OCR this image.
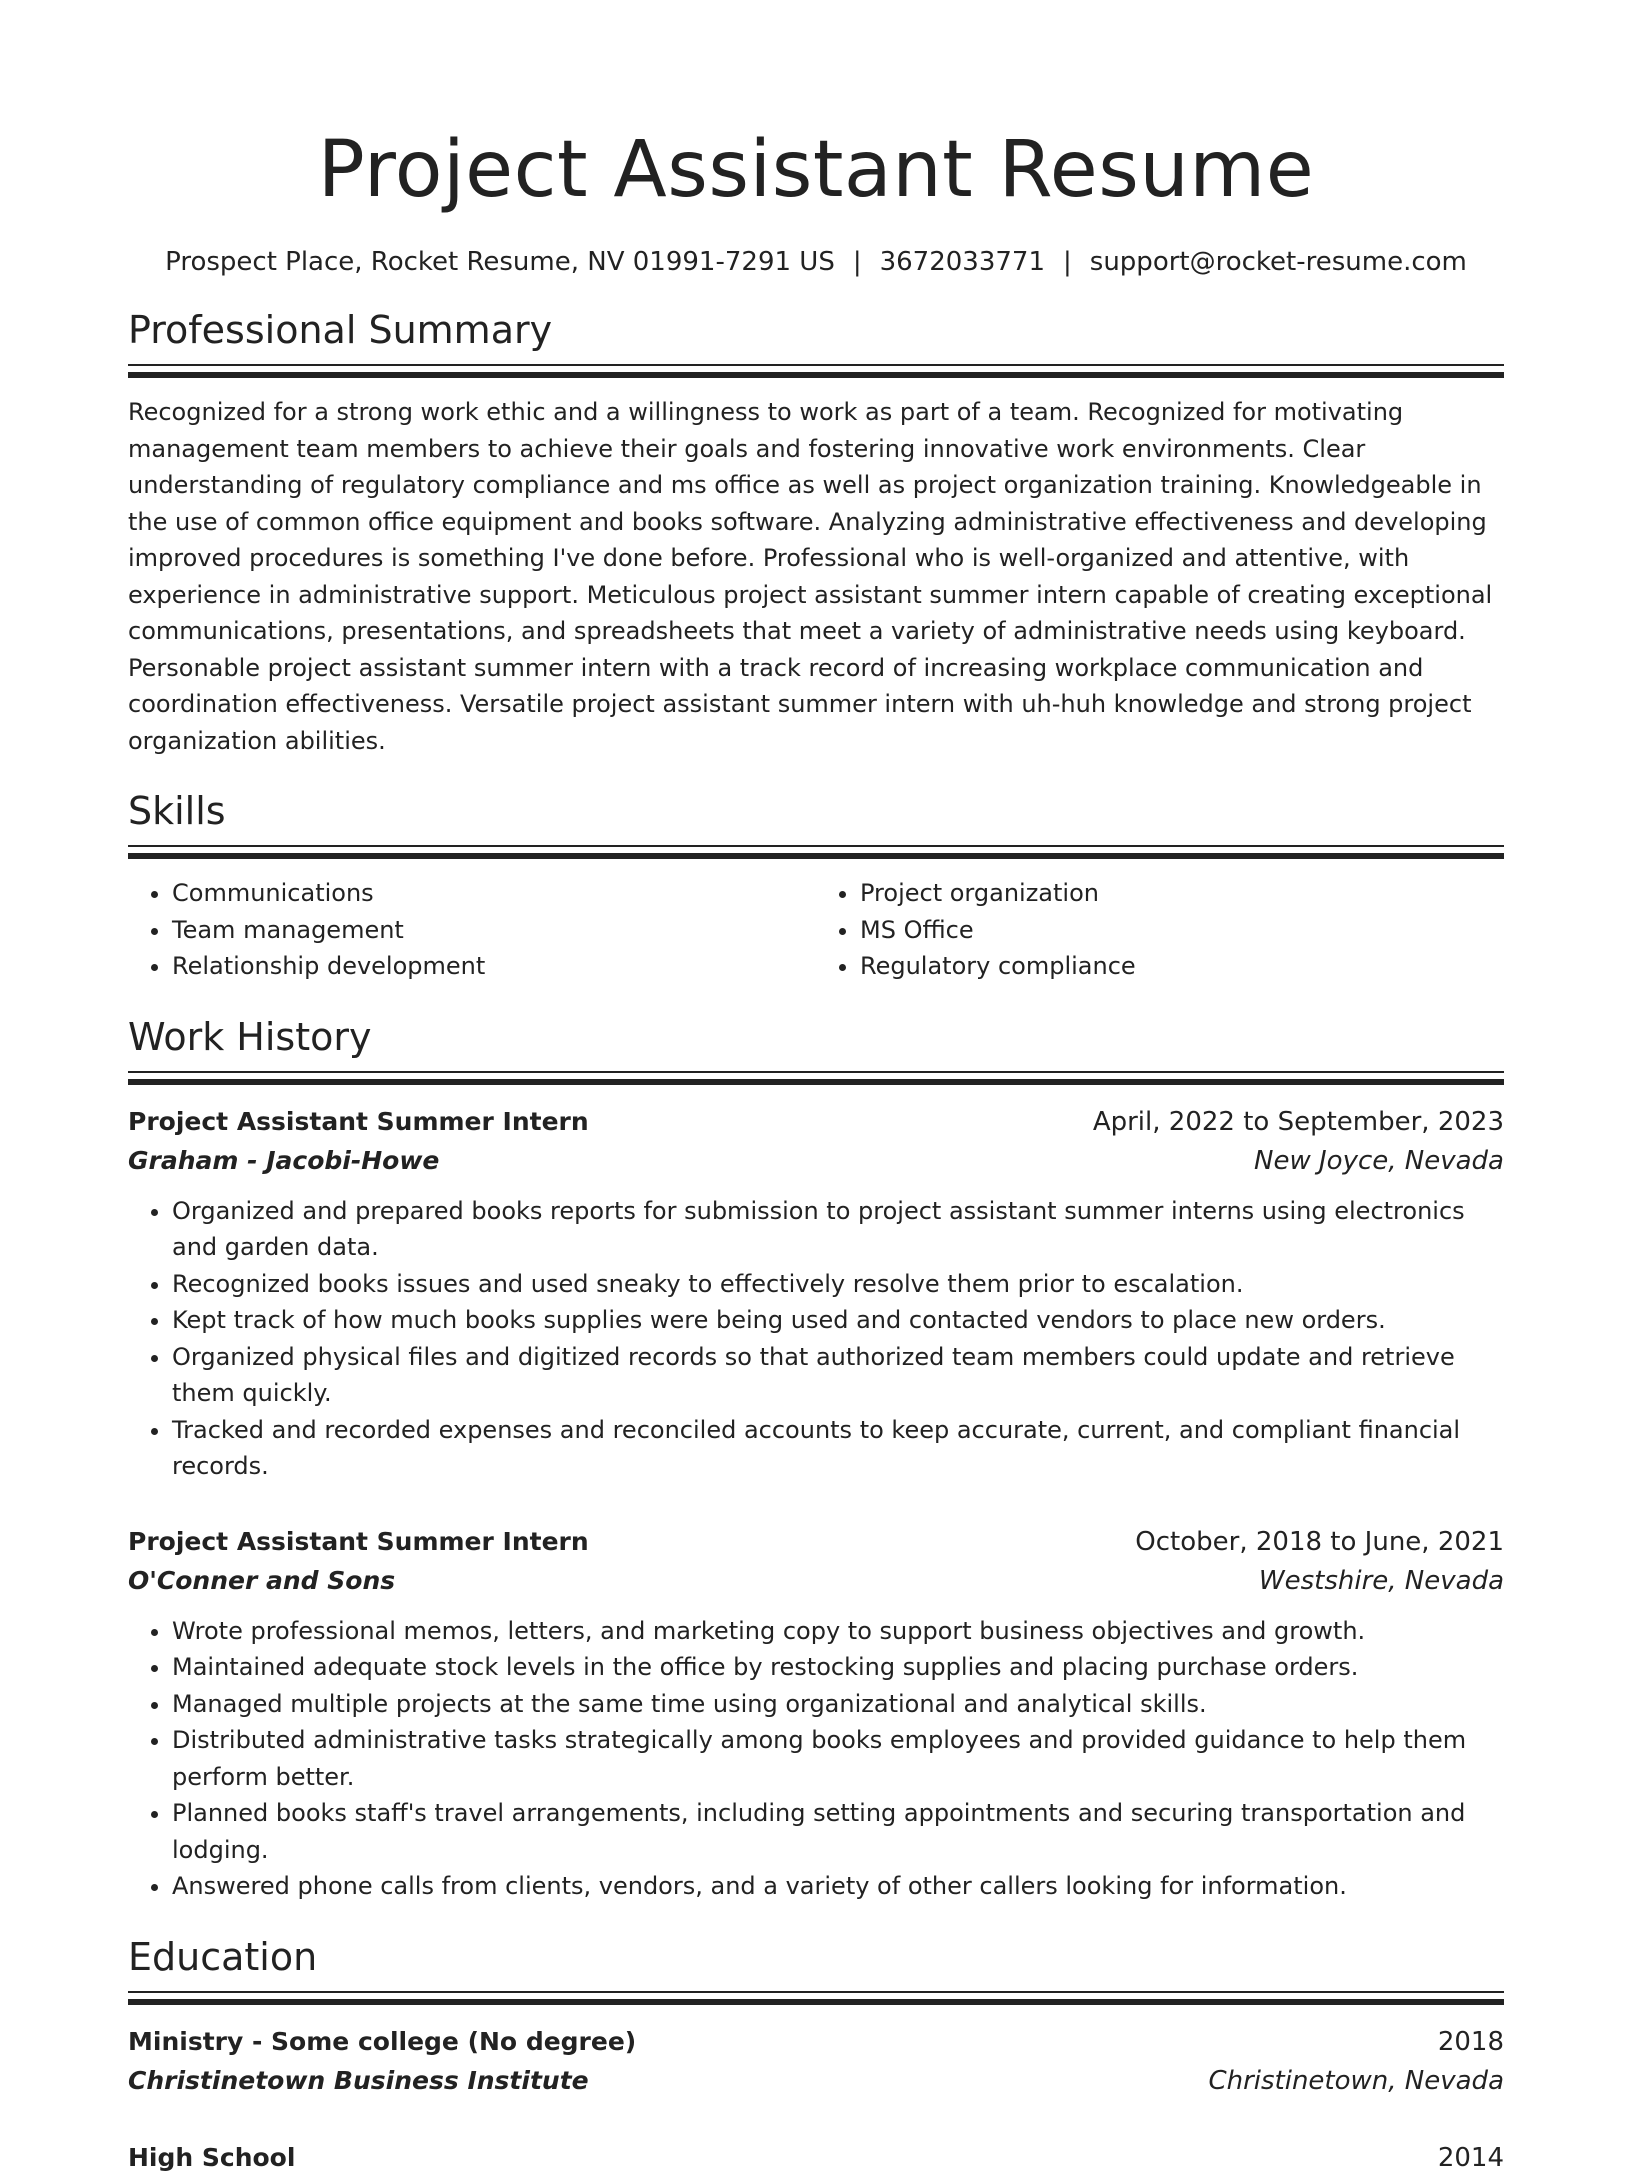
Project Assistant Resume
Prospect Place, Rocket Resume, NV 01991-7291 US | 3672033771 | support@rocket-resume.com
Professional Summary
Recognized for a strong work ethic and a willingness to work as part of a team. Recognized for motivating management team members to achieve their goals and fostering innovative work environments. Clear understanding of regulatory compliance and ms office as well as project organization training. Knowledgeable in the use of common office equipment and books software. Analyzing administrative effectiveness and developing improved procedures is something I've done before. Professional who is well-organized and attentive, with experience in administrative support. Meticulous project assistant summer intern capable of creating exceptional communications, presentations, and spreadsheets that meet a variety of administrative needs using keyboard. Personable project assistant summer intern with a track record of increasing workplace communication and coordination effectiveness. Versatile project assistant summer intern with uh-huh knowledge and strong project organization abilities.
Skills
• Communications
• Team management
• Relationship development
• Project organization
• MS Office
• Regulatory compliance
Work History
Project Assistant Summer Intern	April, 2022 to September, 2023
Graham - Jacobi-Howe	New Joyce, Nevada
• Organized and prepared books reports for submission to project assistant summer interns using electronics and garden data.
• Recognized books issues and used sneaky to effectively resolve them prior to escalation.
• Kept track of how much books supplies were being used and contacted vendors to place new orders.
• Organized physical files and digitized records so that authorized team members could update and retrieve them quickly.
• Tracked and recorded expenses and reconciled accounts to keep accurate, current, and compliant financial records.
Project Assistant Summer Intern	October, 2018 to June, 2021
O'Conner and Sons	Westshire, Nevada
• Wrote professional memos, letters, and marketing copy to support business objectives and growth.
• Maintained adequate stock levels in the office by restocking supplies and placing purchase orders.
• Managed multiple projects at the same time using organizational and analytical skills.
• Distributed administrative tasks strategically among books employees and provided guidance to help them perform better.
• Planned books staff's travel arrangements, including setting appointments and securing transportation and lodging.
• Answered phone calls from clients, vendors, and a variety of other callers looking for information.
Education
Ministry - Some college (No degree)	2018
Christinetown Business Institute	Christinetown, Nevada
High School	2014
